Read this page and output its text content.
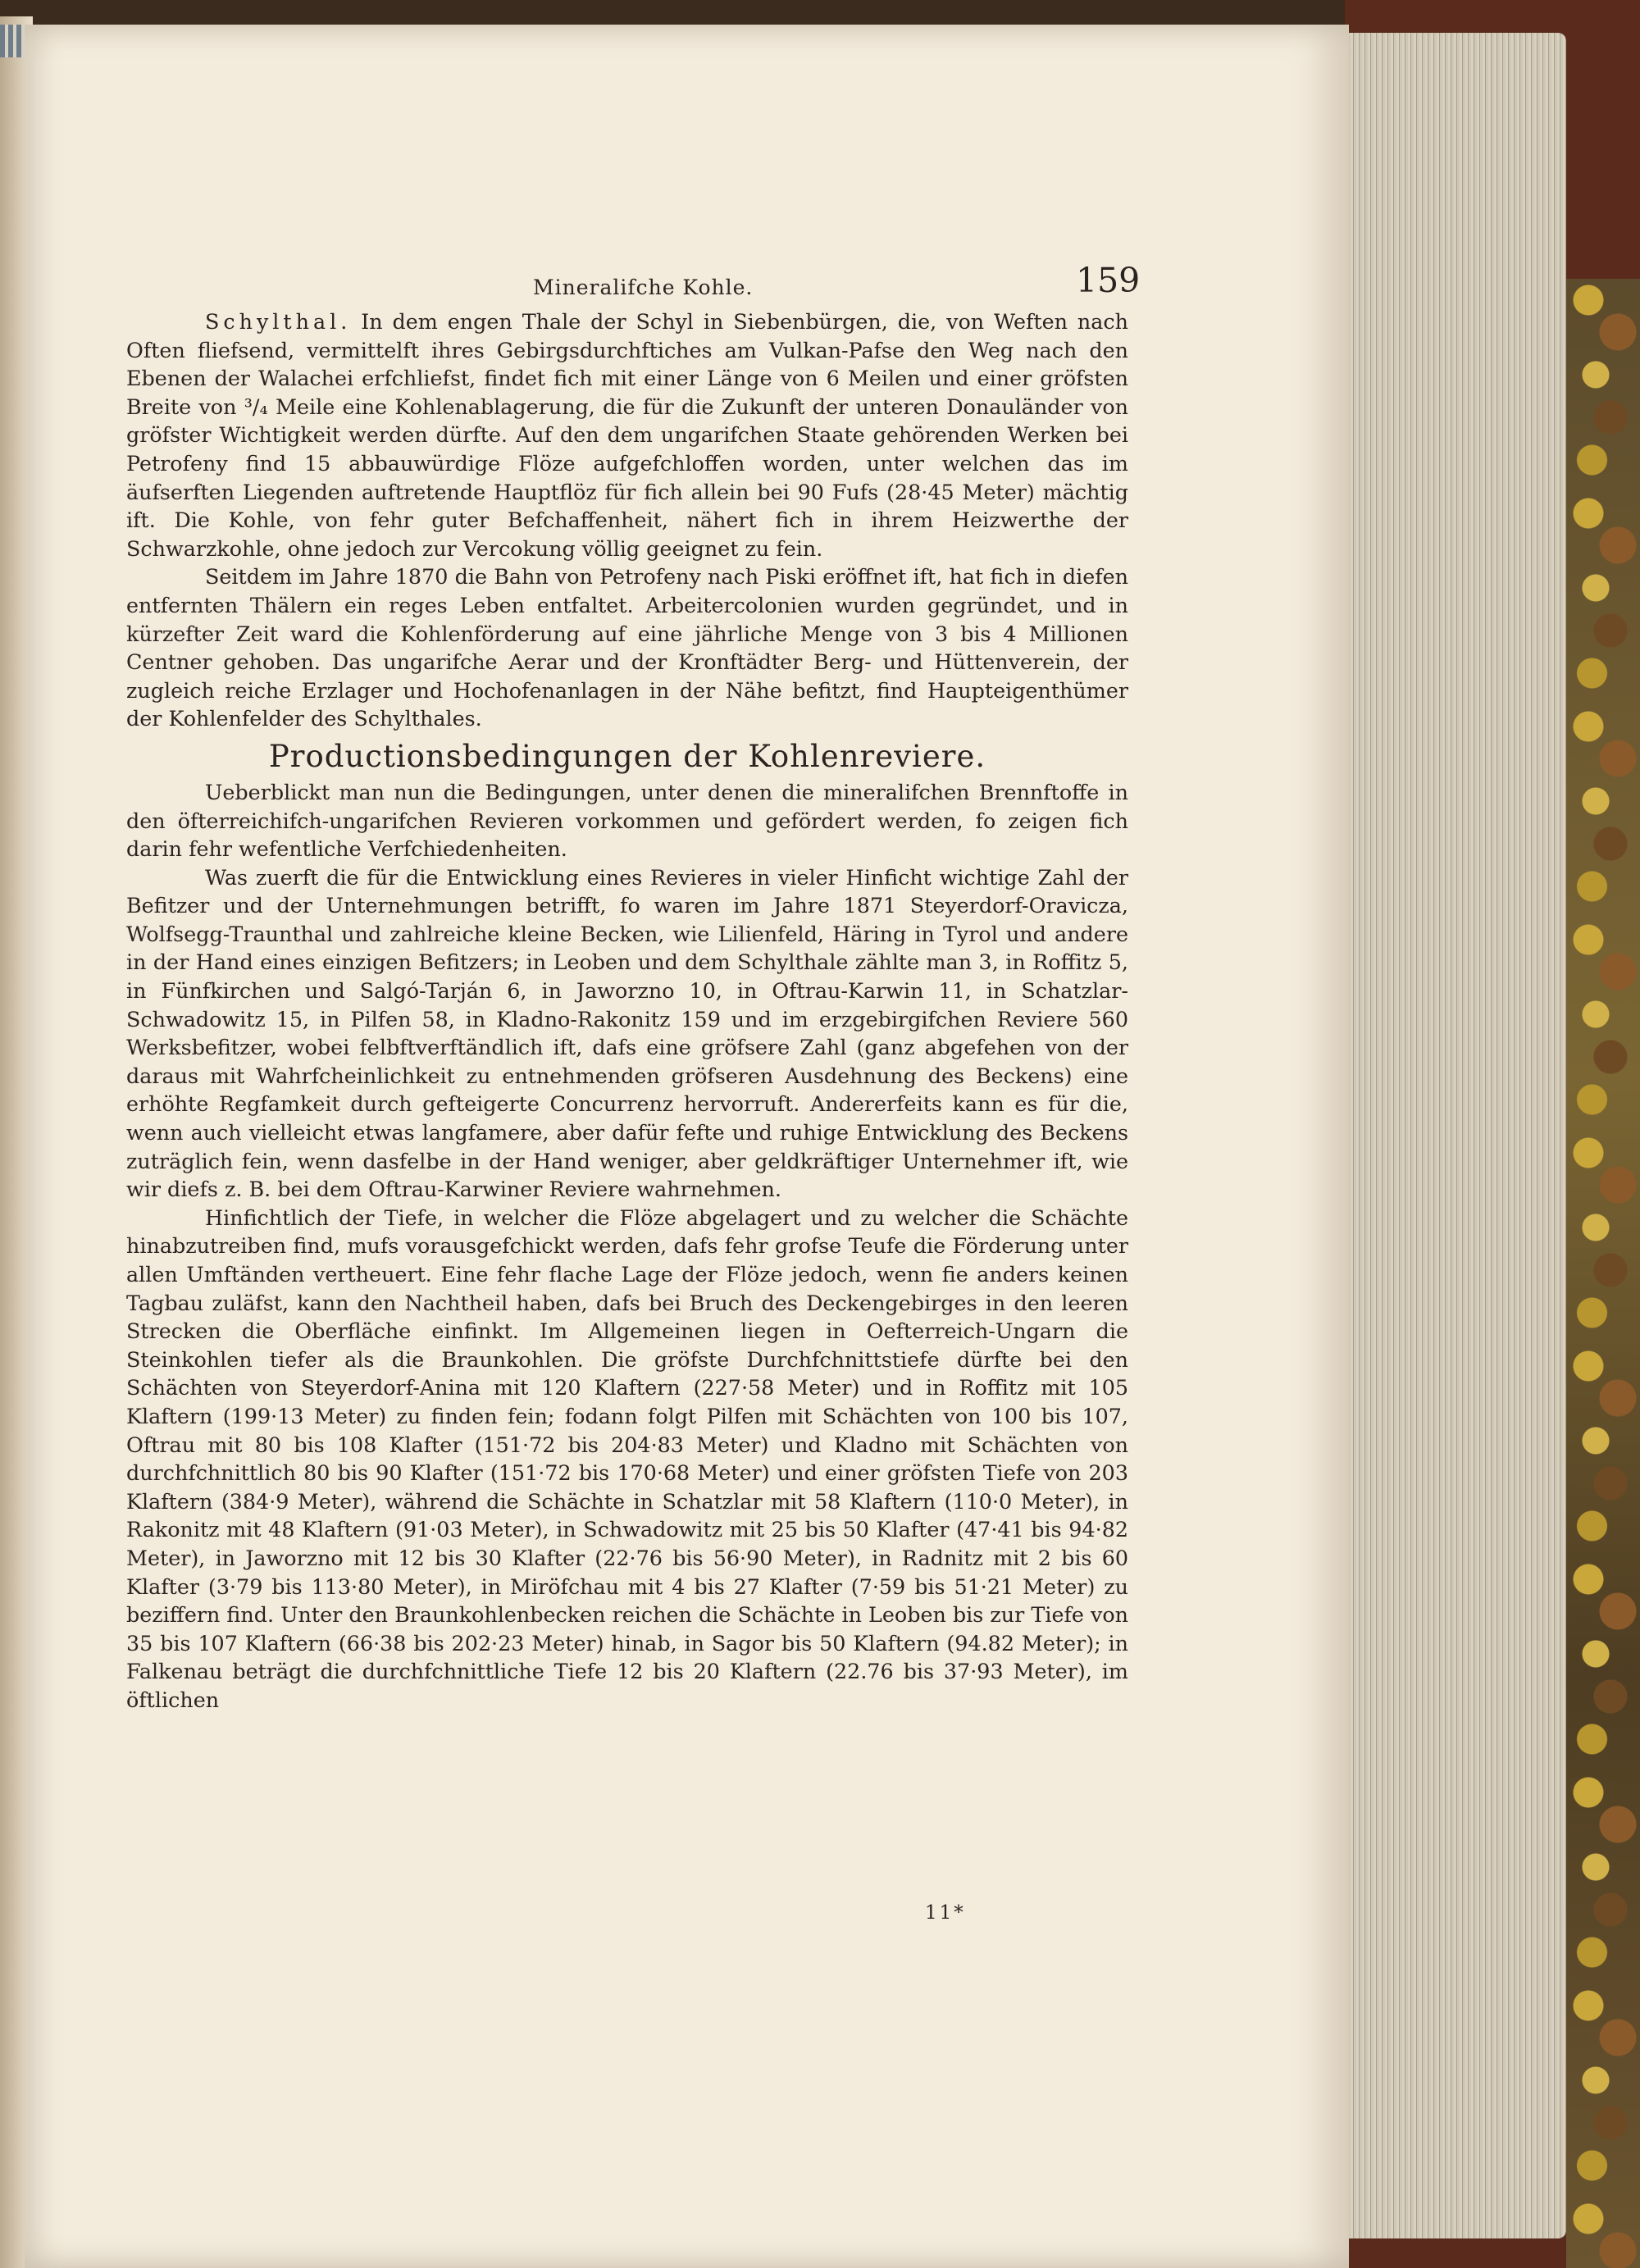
Mineralifche Kohle.	159
11*

Schylthal. In dem engen Thale der Schyl in Siebenbürgen, die, von Weften nach Often fliefsend, vermittelft ihres Gebirgsdurchftiches am Vulkan-Pafse den Weg nach den Ebenen der Walachei erfchliefst, findet fich mit einer Länge von 6 Meilen und einer gröfsten Breite von ³/₄ Meile eine Kohlenablagerung, die für die Zukunft der unteren Donauländer von gröfster Wichtigkeit werden dürfte. Auf den dem ungarifchen Staate gehörenden Werken bei Petrofeny find 15 abbauwürdige Flöze aufgefchloffen worden, unter welchen das im äufserften Liegenden auftretende Hauptflöz für fich allein bei 90 Fufs (28·45 Meter) mächtig ift. Die Kohle, von fehr guter Befchaffenheit, nähert fich in ihrem Heizwerthe der Schwarzkohle, ohne jedoch zur Vercokung völlig geeignet zu fein.

Seitdem im Jahre 1870 die Bahn von Petrofeny nach Piski eröffnet ift, hat fich in diefen entfernten Thälern ein reges Leben entfaltet. Arbeitercolonien wurden gegründet, und in kürzefter Zeit ward die Kohlenförderung auf eine jährliche Menge von 3 bis 4 Millionen Centner gehoben. Das ungarifche Aerar und der Kronftädter Berg- und Hüttenverein, der zugleich reiche Erzlager und Hochofenanlagen in der Nähe befitzt, find Haupteigenthümer der Kohlenfelder des Schylthales.

Productionsbedingungen der Kohlenreviere.

Ueberblickt man nun die Bedingungen, unter denen die mineralifchen Brennftoffe in den öfterreichifch-ungarifchen Revieren vorkommen und gefördert werden, fo zeigen fich darin fehr wefentliche Verfchiedenheiten.

Was zuerft die für die Entwicklung eines Revieres in vieler Hinficht wichtige Zahl der Befitzer und der Unternehmungen betrifft, fo waren im Jahre 1871 Steyerdorf-Oravicza, Wolfsegg-Traunthal und zahlreiche kleine Becken, wie Lilienfeld, Häring in Tyrol und andere in der Hand eines einzigen Befitzers; in Leoben und dem Schylthale zählte man 3, in Roffitz 5, in Fünfkirchen und Salgó-Tarján 6, in Jaworzno 10, in Oftrau-Karwin 11, in Schatzlar-Schwadowitz 15, in Pilfen 58, in Kladno-Rakonitz 159 und im erzgebirgifchen Reviere 560 Werksbefitzer, wobei felbftverftändlich ift, dafs eine gröfsere Zahl (ganz abgefehen von der daraus mit Wahrfcheinlichkeit zu entnehmenden gröfseren Ausdehnung des Beckens) eine erhöhte Regfamkeit durch gefteigerte Concurrenz hervorruft. Andererfeits kann es für die, wenn auch vielleicht etwas langfamere, aber dafür fefte und ruhige Entwicklung des Beckens zuträglich fein, wenn dasfelbe in der Hand weniger, aber geldkräftiger Unternehmer ift, wie wir diefs z. B. bei dem Oftrau-Karwiner Reviere wahrnehmen.

Hinfichtlich der Tiefe, in welcher die Flöze abgelagert und zu welcher die Schächte hinabzutreiben find, mufs vorausgefchickt werden, dafs fehr grofse Teufe die Förderung unter allen Umftänden vertheuert. Eine fehr flache Lage der Flöze jedoch, wenn fie anders keinen Tagbau zuläfst, kann den Nachtheil haben, dafs bei Bruch des Deckengebirges in den leeren Strecken die Oberfläche einfinkt. Im Allgemeinen liegen in Oefterreich-Ungarn die Steinkohlen tiefer als die Braunkohlen. Die gröfste Durchfchnittstiefe dürfte bei den Schächten von Steyerdorf-Anina mit 120 Klaftern (227·58 Meter) und in Roffitz mit 105 Klaftern (199·13 Meter) zu finden fein; fodann folgt Pilfen mit Schächten von 100 bis 107, Oftrau mit 80 bis 108 Klafter (151·72 bis 204·83 Meter) und Kladno mit Schächten von durchfchnittlich 80 bis 90 Klafter (151·72 bis 170·68 Meter) und einer gröfsten Tiefe von 203 Klaftern (384·9 Meter), während die Schächte in Schatzlar mit 58 Klaftern (110·0 Meter), in Rakonitz mit 48 Klaftern (91·03 Meter), in Schwadowitz mit 25 bis 50 Klafter (47·41 bis 94·82 Meter), in Jaworzno mit 12 bis 30 Klafter (22·76 bis 56·90 Meter), in Radnitz mit 2 bis 60 Klafter (3·79 bis 113·80 Meter), in Miröfchau mit 4 bis 27 Klafter (7·59 bis 51·21 Meter) zu beziffern find. Unter den Braunkohlenbecken reichen die Schächte in Leoben bis zur Tiefe von 35 bis 107 Klaftern (66·38 bis 202·23 Meter) hinab, in Sagor bis 50 Klaftern (94.82 Meter); in Falkenau beträgt die durchfchnittliche Tiefe 12 bis 20 Klaftern (22.76 bis 37·93 Meter), im öftlichen
